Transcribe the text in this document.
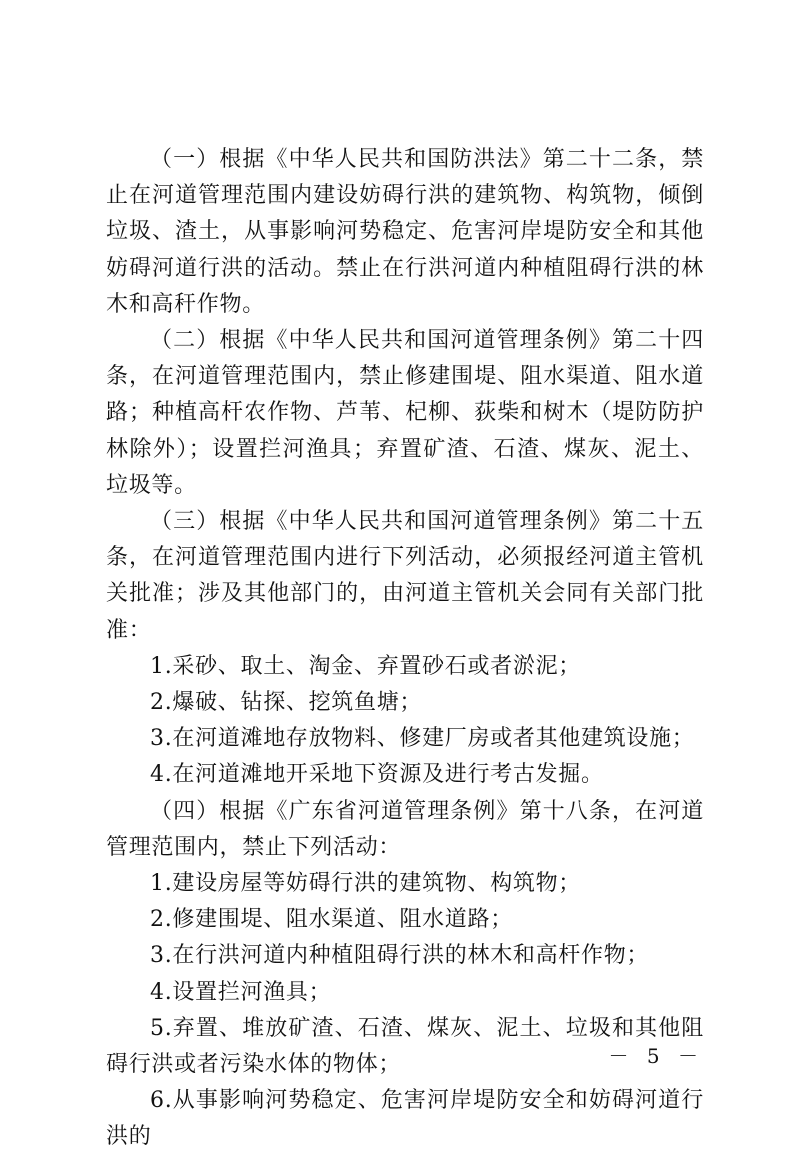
（一）根据《中华人民共和国防洪法》第二十二条，禁止在河道管理范围内建设妨碍行洪的建筑物、构筑物，倾倒垃圾、渣土，从事影响河势稳定、危害河岸堤防安全和其他妨碍河道行洪的活动。禁止在行洪河道内种植阻碍行洪的林木和高秆作物。

（二）根据《中华人民共和国河道管理条例》第二十四条，在河道管理范围内，禁止修建围堤、阻水渠道、阻水道路；种植高杆农作物、芦苇、杞柳、荻柴和树木（堤防防护林除外）；设置拦河渔具；弃置矿渣、石渣、煤灰、泥土、垃圾等。

（三）根据《中华人民共和国河道管理条例》第二十五条，在河道管理范围内进行下列活动，必须报经河道主管机关批准；涉及其他部门的，由河道主管机关会同有关部门批准：

1.采砂、取土、淘金、弃置砂石或者淤泥；

2.爆破、钻探、挖筑鱼塘；

3.在河道滩地存放物料、修建厂房或者其他建筑设施；

4.在河道滩地开采地下资源及进行考古发掘。

（四）根据《广东省河道管理条例》第十八条，在河道管理范围内，禁止下列活动：

1.建设房屋等妨碍行洪的建筑物、构筑物；

2.修建围堤、阻水渠道、阻水道路；

3.在行洪河道内种植阻碍行洪的林木和高杆作物；

4.设置拦河渔具；

5.弃置、堆放矿渣、石渣、煤灰、泥土、垃圾和其他阻碍行洪或者污染水体的物体；

6.从事影响河势稳定、危害河岸堤防安全和妨碍河道行洪的

－ 5 －
